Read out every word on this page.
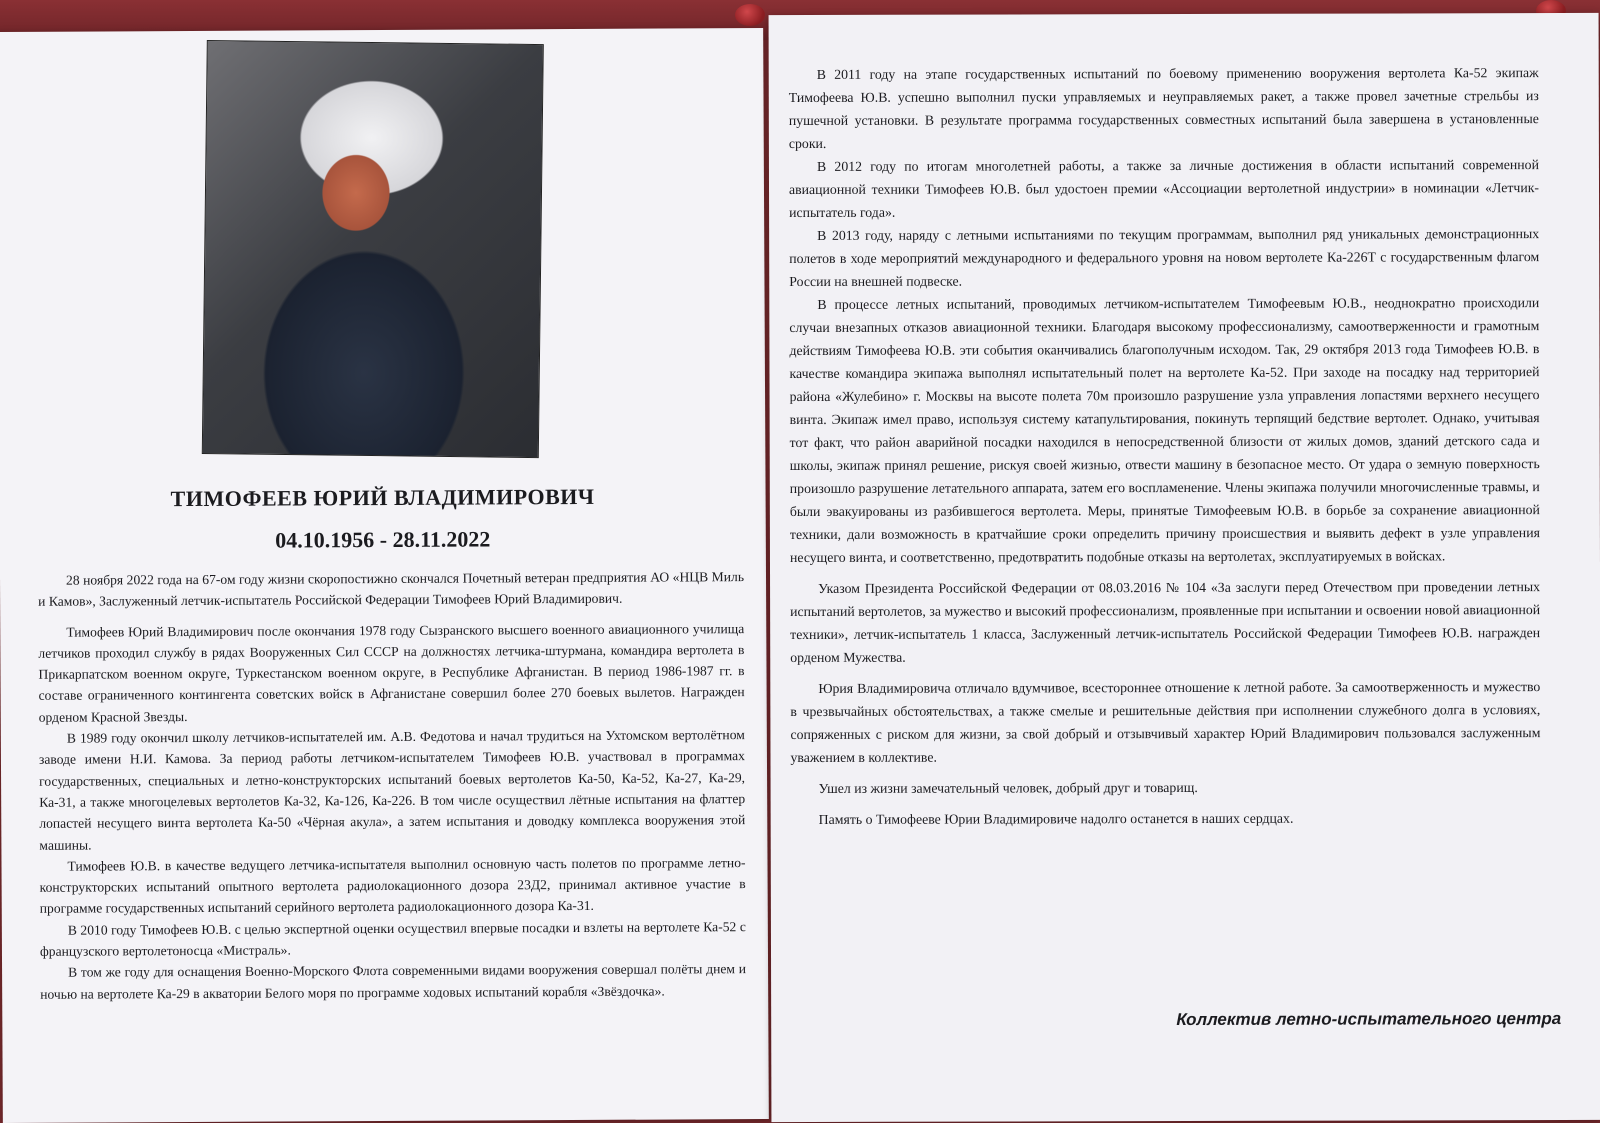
ТИМОФЕЕВ ЮРИЙ ВЛАДИМИРОВИЧ
04.10.1956 - 28.11.2022

28 ноября 2022 года на 67-ом году жизни скоропостижно скончался Почетный ветеран предприятия АО «НЦВ Миль и Камов», Заслуженный летчик-испытатель Российской Федерации Тимофеев Юрий Владимирович.

Тимофеев Юрий Владимирович после окончания 1978 году Сызранского высшего военного авиационного училища летчиков проходил службу в рядах Вооруженных Сил СССР на должностях летчика-штурмана, командира вертолета в Прикарпатском военном округе, Туркестанском военном округе, в Республике Афганистан. В период 1986-1987 гг. в составе ограниченного контингента советских войск в Афганистане совершил более 270 боевых вылетов. Награжден орденом Красной Звезды.

В 1989 году окончил школу летчиков-испытателей им. А.В. Федотова и начал трудиться на Ухтомском вертолётном заводе имени Н.И. Камова. За период работы летчиком-испытателем Тимофеев Ю.В. участвовал в программах государственных, специальных и летно-конструкторских испытаний боевых вертолетов Ка-50, Ка-52, Ка-27, Ка-29, Ка-31, а также многоцелевых вертолетов Ка-32, Ка-126, Ка-226. В том числе осуществил лётные испытания на флаттер лопастей несущего винта вертолета Ка-50 «Чёрная акула», а затем испытания и доводку комплекса вооружения этой машины.

Тимофеев Ю.В. в качестве ведущего летчика-испытателя выполнил основную часть полетов по программе летно-конструкторских испытаний опытного вертолета радиолокационного дозора 23Д2, принимал активное участие в программе государственных испытаний серийного вертолета радиолокационного дозора Ка-31.

В 2010 году Тимофеев Ю.В. с целью экспертной оценки осуществил впервые посадки и взлеты на вертолете Ка-52 с французского вертолетоносца «Мистраль».

В том же году для оснащения Военно-Морского Флота современными видами вооружения совершал полёты днем и ночью на вертолете Ка-29 в акватории Белого моря по программе ходовых испытаний корабля «Звёздочка».

В 2011 году на этапе государственных испытаний по боевому применению вооружения вертолета Ка-52 экипаж Тимофеева Ю.В. успешно выполнил пуски управляемых и неуправляемых ракет, а также провел зачетные стрельбы из пушечной установки. В результате программа государственных совместных испытаний была завершена в установленные сроки.

В 2012 году по итогам многолетней работы, а также за личные достижения в области испытаний современной авиационной техники Тимофеев Ю.В. был удостоен премии «Ассоциации вертолетной индустрии» в номинации «Летчик-испытатель года».

В 2013 году, наряду с летными испытаниями по текущим программам, выполнил ряд уникальных демонстрационных полетов в ходе мероприятий международного и федерального уровня на новом вертолете Ка-226Т с государственным флагом России на внешней подвеске.

В процессе летных испытаний, проводимых летчиком-испытателем Тимофеевым Ю.В., неоднократно происходили случаи внезапных отказов авиационной техники. Благодаря высокому профессионализму, самоотверженности и грамотным действиям Тимофеева Ю.В. эти события оканчивались благополучным исходом. Так, 29 октября 2013 года Тимофеев Ю.В. в качестве командира экипажа выполнял испытательный полет на вертолете Ка-52. При заходе на посадку над территорией района «Жулебино» г. Москвы на высоте полета 70м произошло разрушение узла управления лопастями верхнего несущего винта. Экипаж имел право, используя систему катапультирования, покинуть терпящий бедствие вертолет. Однако, учитывая тот факт, что район аварийной посадки находился в непосредственной близости от жилых домов, зданий детского сада и школы, экипаж принял решение, рискуя своей жизнью, отвести машину в безопасное место. От удара о земную поверхность произошло разрушение летательного аппарата, затем его воспламенение. Члены экипажа получили многочисленные травмы, и были эвакуированы из разбившегося вертолета. Меры, принятые Тимофеевым Ю.В. в борьбе за сохранение авиационной техники, дали возможность в кратчайшие сроки определить причину происшествия и выявить дефект в узле управления несущего винта, и соответственно, предотвратить подобные отказы на вертолетах, эксплуатируемых в войсках.

Указом Президента Российской Федерации от 08.03.2016 № 104 «За заслуги перед Отечеством при проведении летных испытаний вертолетов, за мужество и высокий профессионализм, проявленные при испытании и освоении новой авиационной техники», летчик-испытатель 1 класса, Заслуженный летчик-испытатель Российской Федерации Тимофеев Ю.В. награжден орденом Мужества.

Юрия Владимировича отличало вдумчивое, всестороннее отношение к летной работе. За самоотверженность и мужество в чрезвычайных обстоятельствах, а также смелые и решительные действия при исполнении служебного долга в условиях, сопряженных с риском для жизни, за свой добрый и отзывчивый характер Юрий Владимирович пользовался заслуженным уважением в коллективе.

Ушел из жизни замечательный человек, добрый друг и товарищ.

Память о Тимофееве Юрии Владимировиче надолго останется в наших сердцах.

Коллектив летно-испытательного центра
